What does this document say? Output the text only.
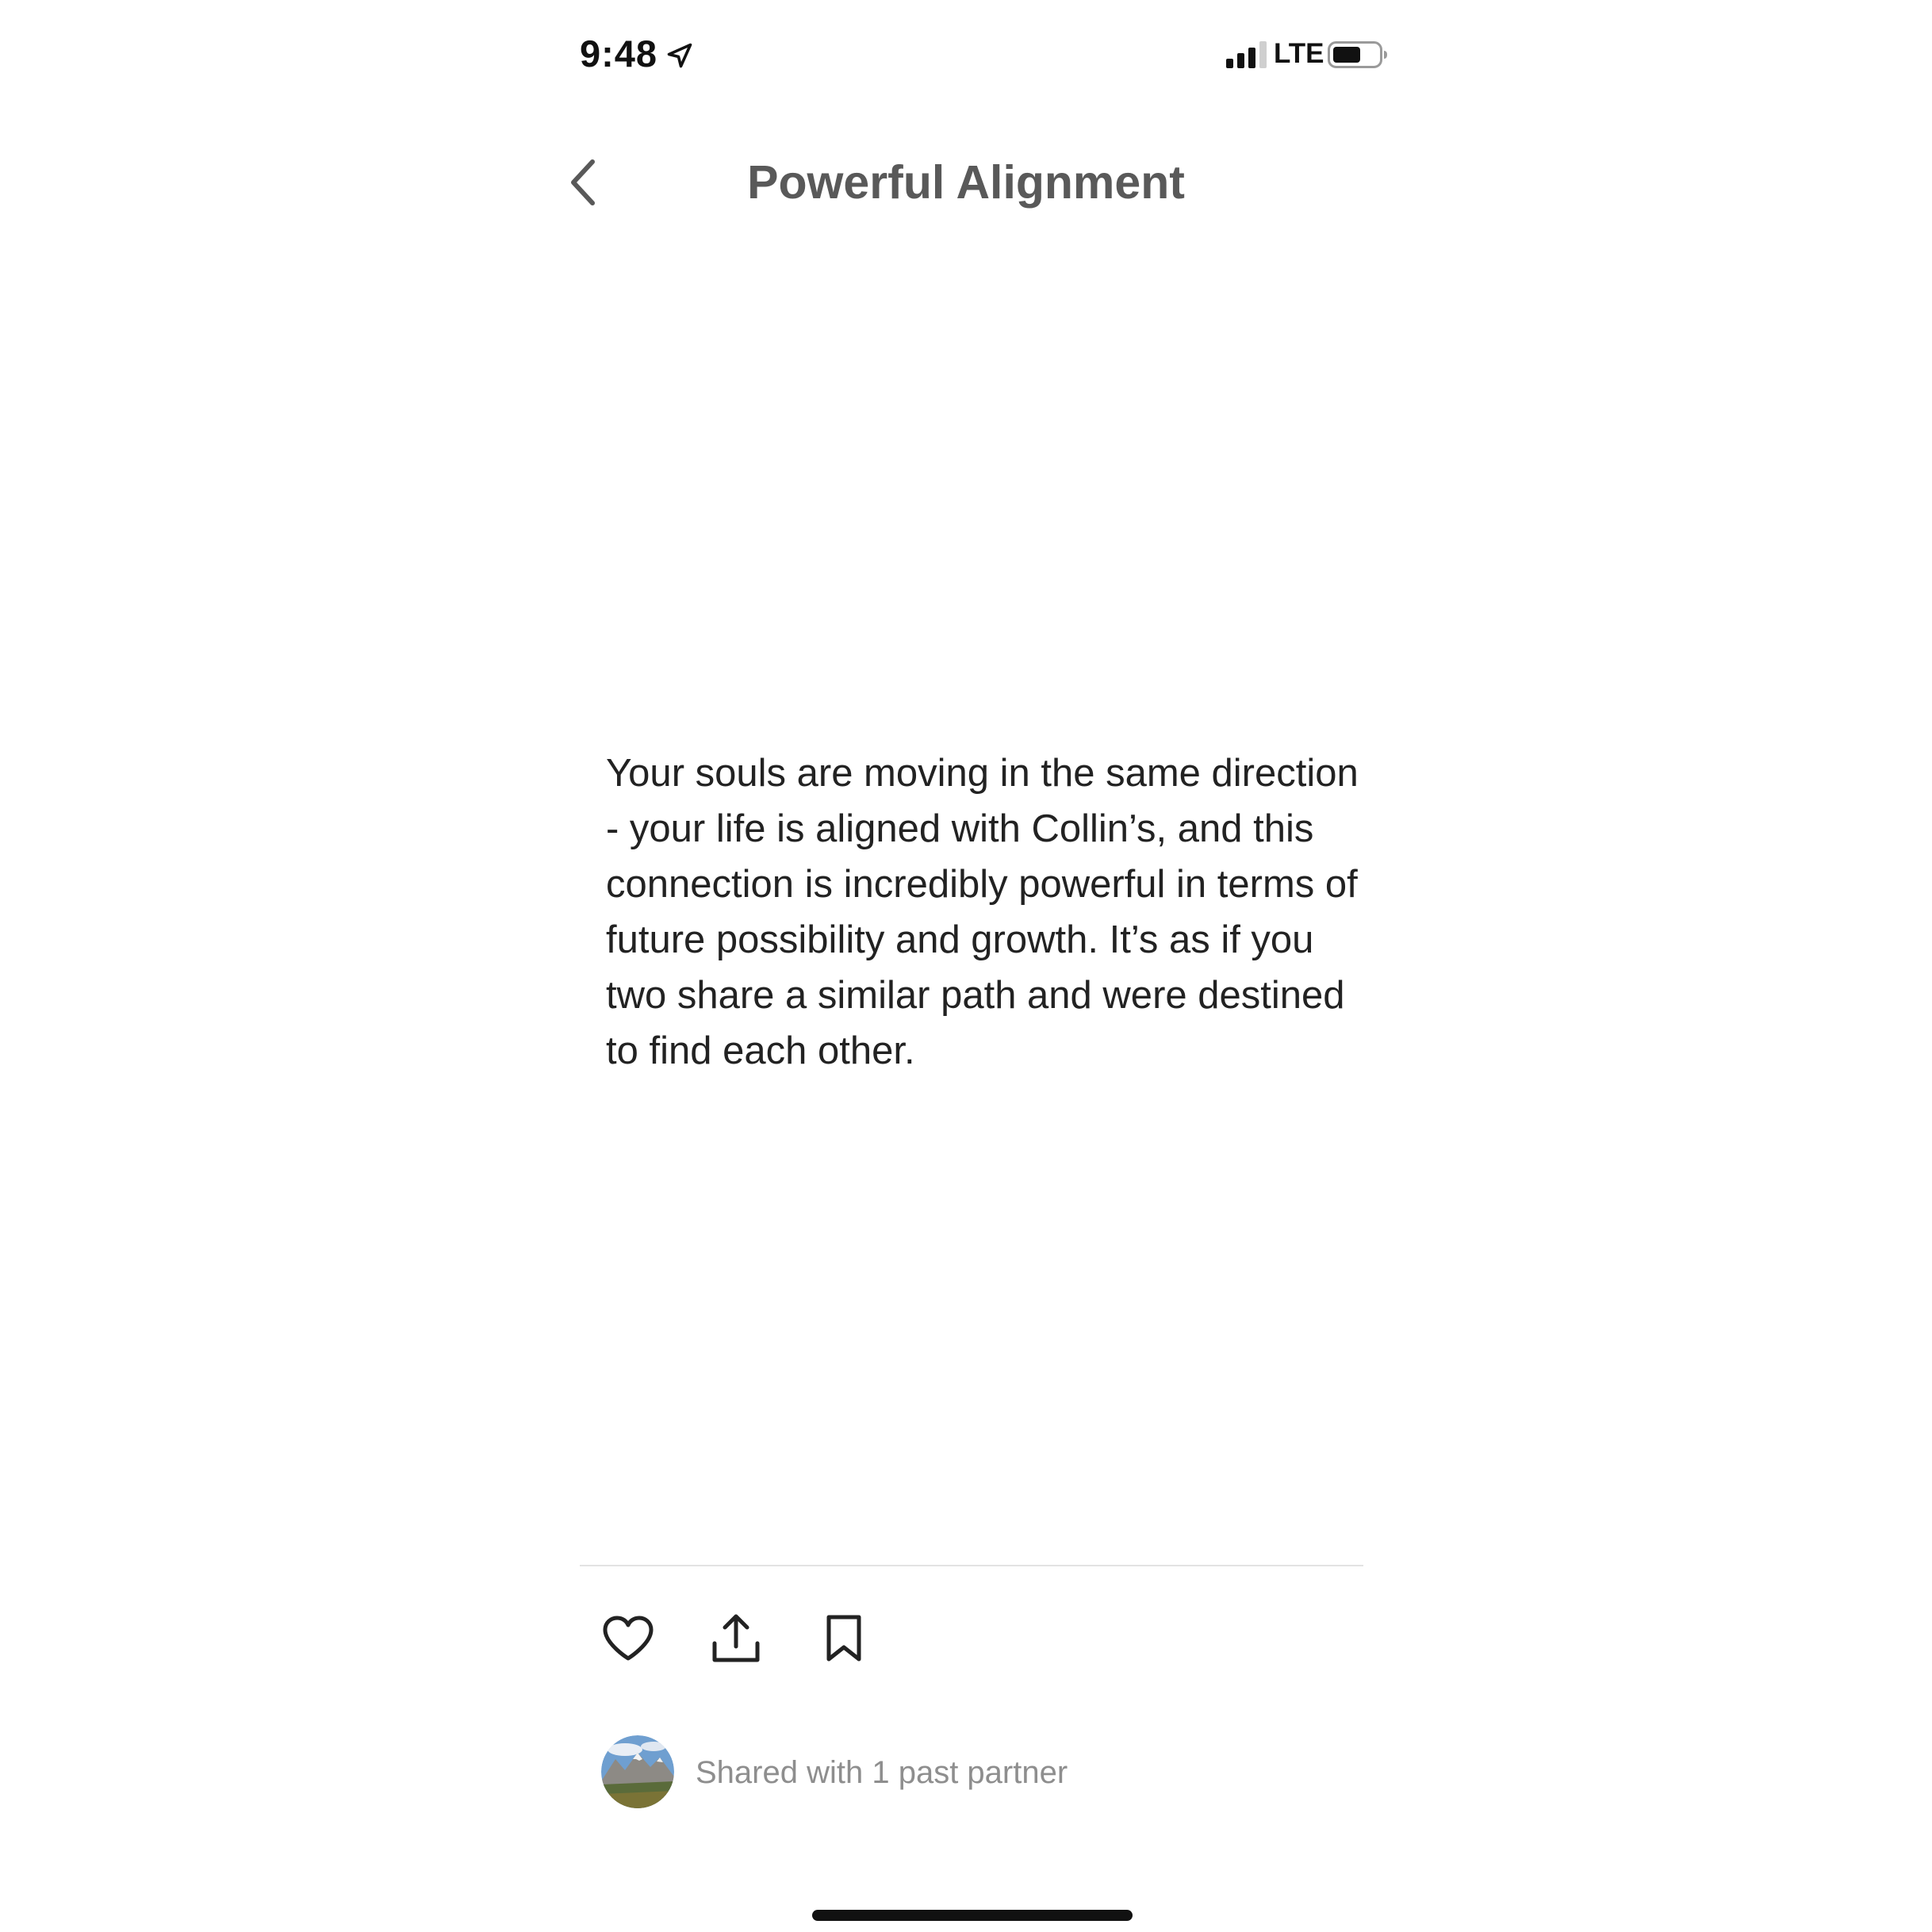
9:48	LTE
Powerful Alignment

Your souls are moving in the same direction - your life is aligned with Collin’s, and this connection is incredibly powerful in terms of future possibility and growth. It’s as if you two share a similar path and were destined to find each other.

Shared with 1 past partner
